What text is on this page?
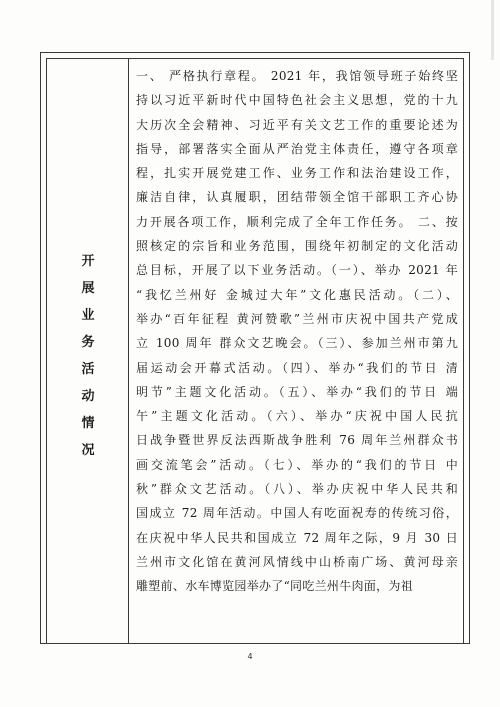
开
展
业
务
活
动
情
况
一、 严格执行章程。 2021 年，我馆领导班子始终坚
持以习近平新时代中国特色社会主义思想，党的十九
大历次全会精神、习近平有关文艺工作的重要论述为
指导，部署落实全面从严治党主体责任，遵守各项章
程，扎实开展党建工作、业务工作和法治建设工作，
廉洁自律，认真履职，团结带领全馆干部职工齐心协
力开展各项工作，顺利完成了全年工作任务。 二、按
照核定的宗旨和业务范围，围绕年初制定的文化活动
总目标，开展了以下业务活动。（一）、举办 2021 年
“我忆兰州好 金城过大年”文化惠民活动。（二）、
举办“百年征程 黄河赞歌”兰州市庆祝中国共产党成
立 100 周年 群众文艺晚会。（三）、参加兰州市第九
届运动会开幕式活动。（四）、举办“我们的节日 清
明节”主题文化活动。（五）、举办“我们的节日 端
午”主题文化活动。（六）、举办“庆祝中国人民抗
日战争暨世界反法西斯战争胜利 76 周年兰州群众书
画交流笔会”活动。（七）、举办的“我们的节日 中
秋”群众文艺活动。（八）、举办庆祝中华人民共和
国成立 72 周年活动。中国人有吃面祝寿的传统习俗，
在庆祝中华人民共和国成立 72 周年之际，9 月 30 日
兰州市文化馆在黄河风情线中山桥南广场、黄河母亲
雕塑前、水车博览园举办了“同吃兰州牛肉面，为祖
4
